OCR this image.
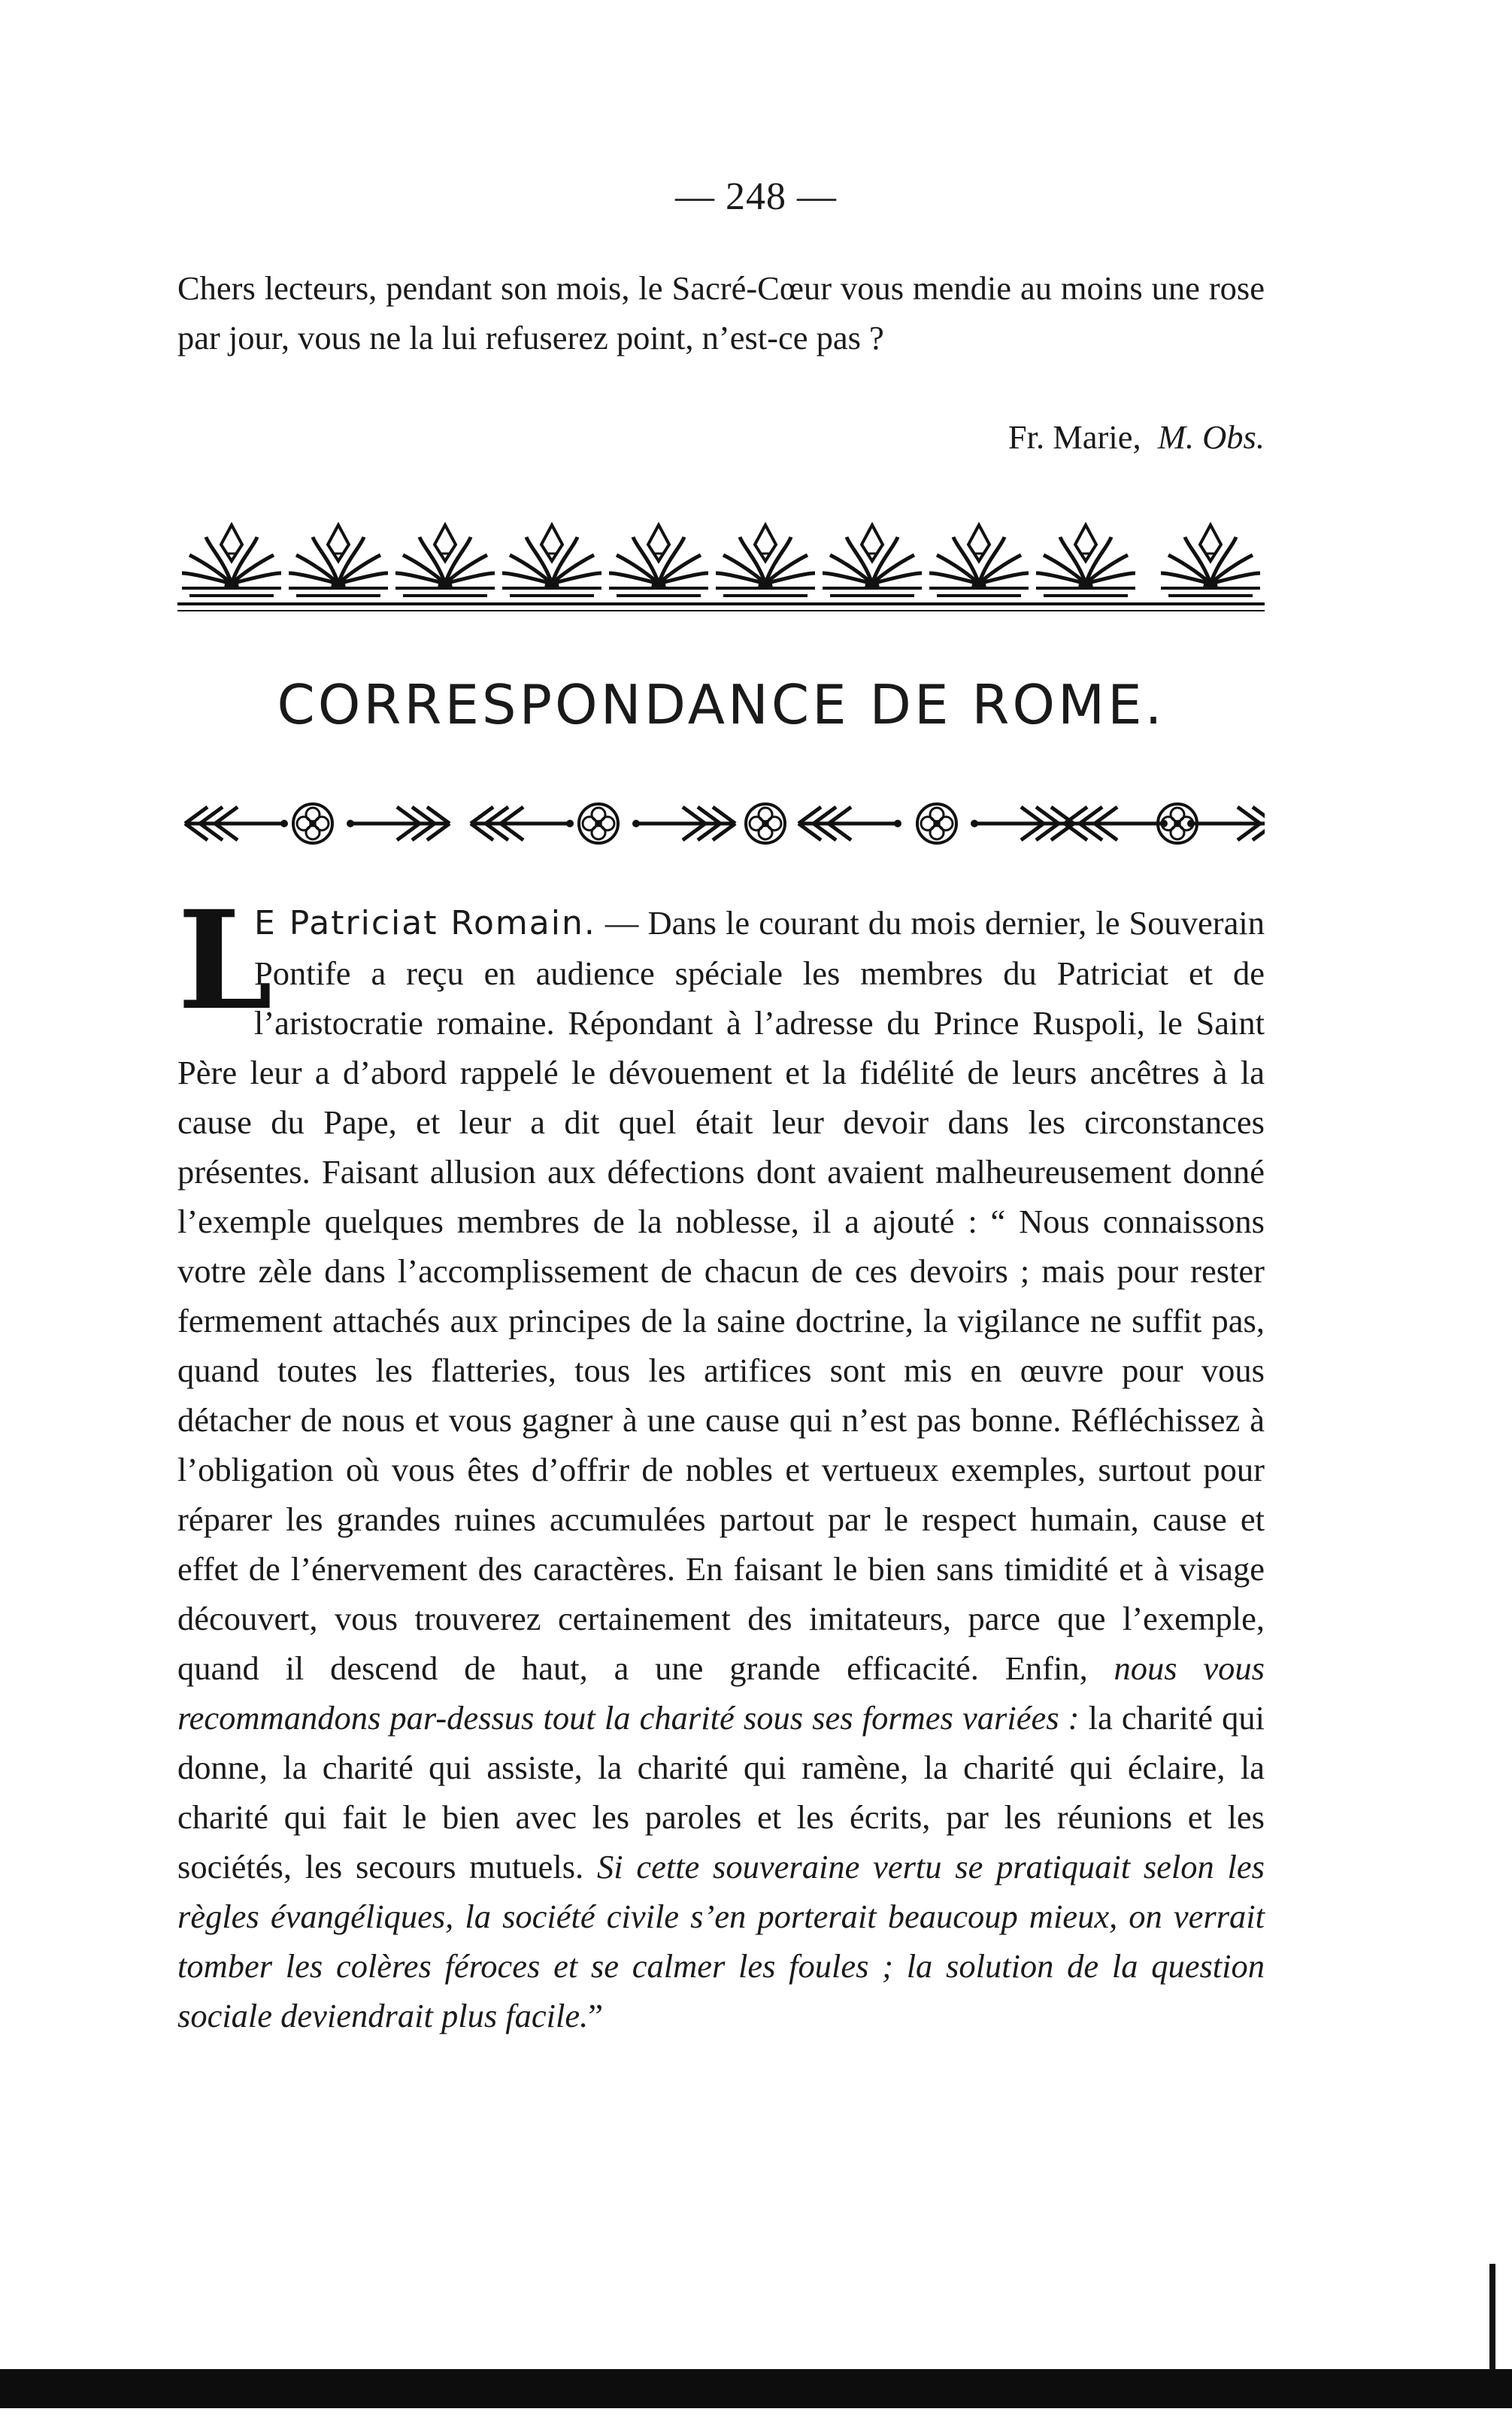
— 248 —

Chers lecteurs, pendant son mois, le Sacré-Cœur vous mendie au moins une rose par jour, vous ne la lui refuserez point, n’est-ce pas ?

Fr. Marie, M. Obs.
CORRESPONDANCE DE ROME.

L
E Patriciat Romain. — Dans le courant du mois dernier, le Souverain Pontife a reçu en audience spéciale les membres du Patriciat et de l’aristocratie romaine. Répondant à l’adresse du Prince Ruspoli, le Saint Père leur a d’abord rappelé le dévouement et la fidélité de leurs ancêtres à la cause du Pape, et leur a dit quel était leur devoir dans les circonstances présentes. Faisant allusion aux défections dont avaient malheureusement donné l’exemple quelques membres de la noblesse, il a ajouté : “ Nous connaissons votre zèle dans l’accomplissement de chacun de ces devoirs ; mais pour rester fermement attachés aux principes de la saine doctrine, la vigilance ne suffit pas, quand toutes les flatteries, tous les artifices sont mis en œuvre pour vous détacher de nous et vous gagner à une cause qui n’est pas bonne. Réfléchissez à l’obligation où vous êtes d’offrir de nobles et vertueux exemples, surtout pour réparer les grandes ruines accumulées partout par le respect humain, cause et effet de l’énervement des caractères. En faisant le bien sans timidité et à visage découvert, vous trouverez certainement des imitateurs, parce que l’exemple, quand il descend de haut, a une grande efficacité. Enfin, nous vous recommandons par-dessus tout la charité sous ses formes variées : la charité qui donne, la charité qui assiste, la charité qui ramène, la charité qui éclaire, la charité qui fait le bien avec les paroles et les écrits, par les réunions et les sociétés, les secours mutuels. Si cette souveraine vertu se pratiquait selon les règles évangéliques, la société civile s’en porterait beaucoup mieux, on verrait tomber les colères féroces et se calmer les foules ; la solution de la question sociale deviendrait plus facile.”
